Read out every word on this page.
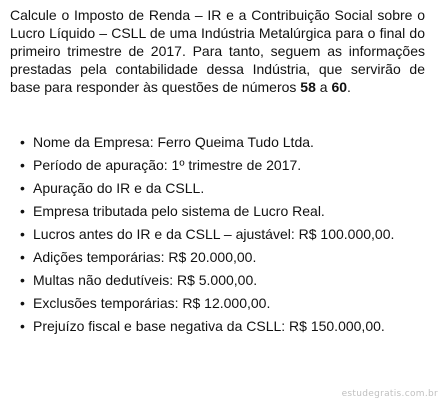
Calcule o Imposto de Renda – IR e a Contribuição Social sobre o Lucro Líquido – CSLL de uma Indústria Metalúrgica para o final do primeiro trimestre de 2017. Para tanto, seguem as informações prestadas pela contabilidade dessa Indústria, que servirão de base para responder às questões de números 58 a 60.

• Nome da Empresa: Ferro Queima Tudo Ltda.
• Período de apuração: 1º trimestre de 2017.
• Apuração do IR e da CSLL.
• Empresa tributada pelo sistema de Lucro Real.
• Lucros antes do IR e da CSLL – ajustável: R$ 100.000,00.
• Adições temporárias: R$ 20.000,00.
• Multas não dedutíveis: R$ 5.000,00.
• Exclusões temporárias: R$ 12.000,00.
• Prejuízo fiscal e base negativa da CSLL: R$ 150.000,00.
estudegratis.com.br
